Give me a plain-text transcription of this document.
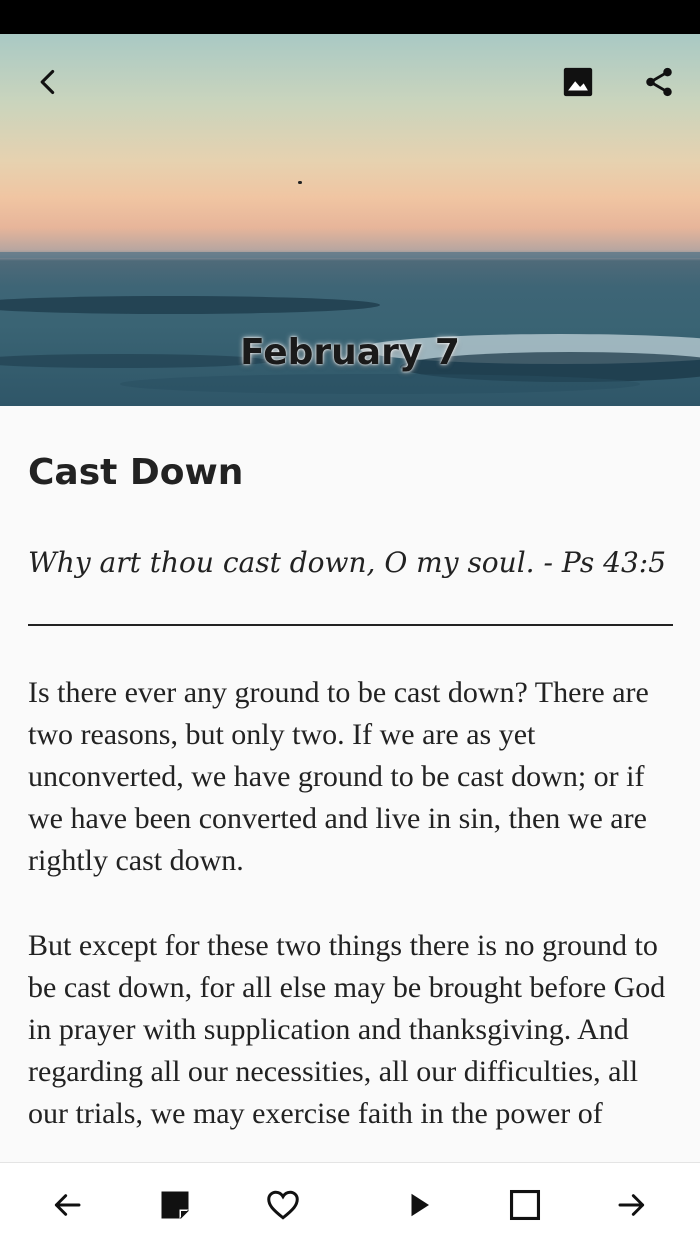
February 7
Cast Down
Why art thou cast down, O my soul. - Ps 43:5
Is there ever any ground to be cast down? There are two reasons, but only two. If we are as yet unconverted, we have ground to be cast down; or if we have been converted and live in sin, then we are rightly cast down.
But except for these two things there is no ground to be cast down, for all else may be brought before God in prayer with supplication and thanksgiving. And regarding all our necessities, all our difficulties, all our trials, we may exercise faith in the power of
